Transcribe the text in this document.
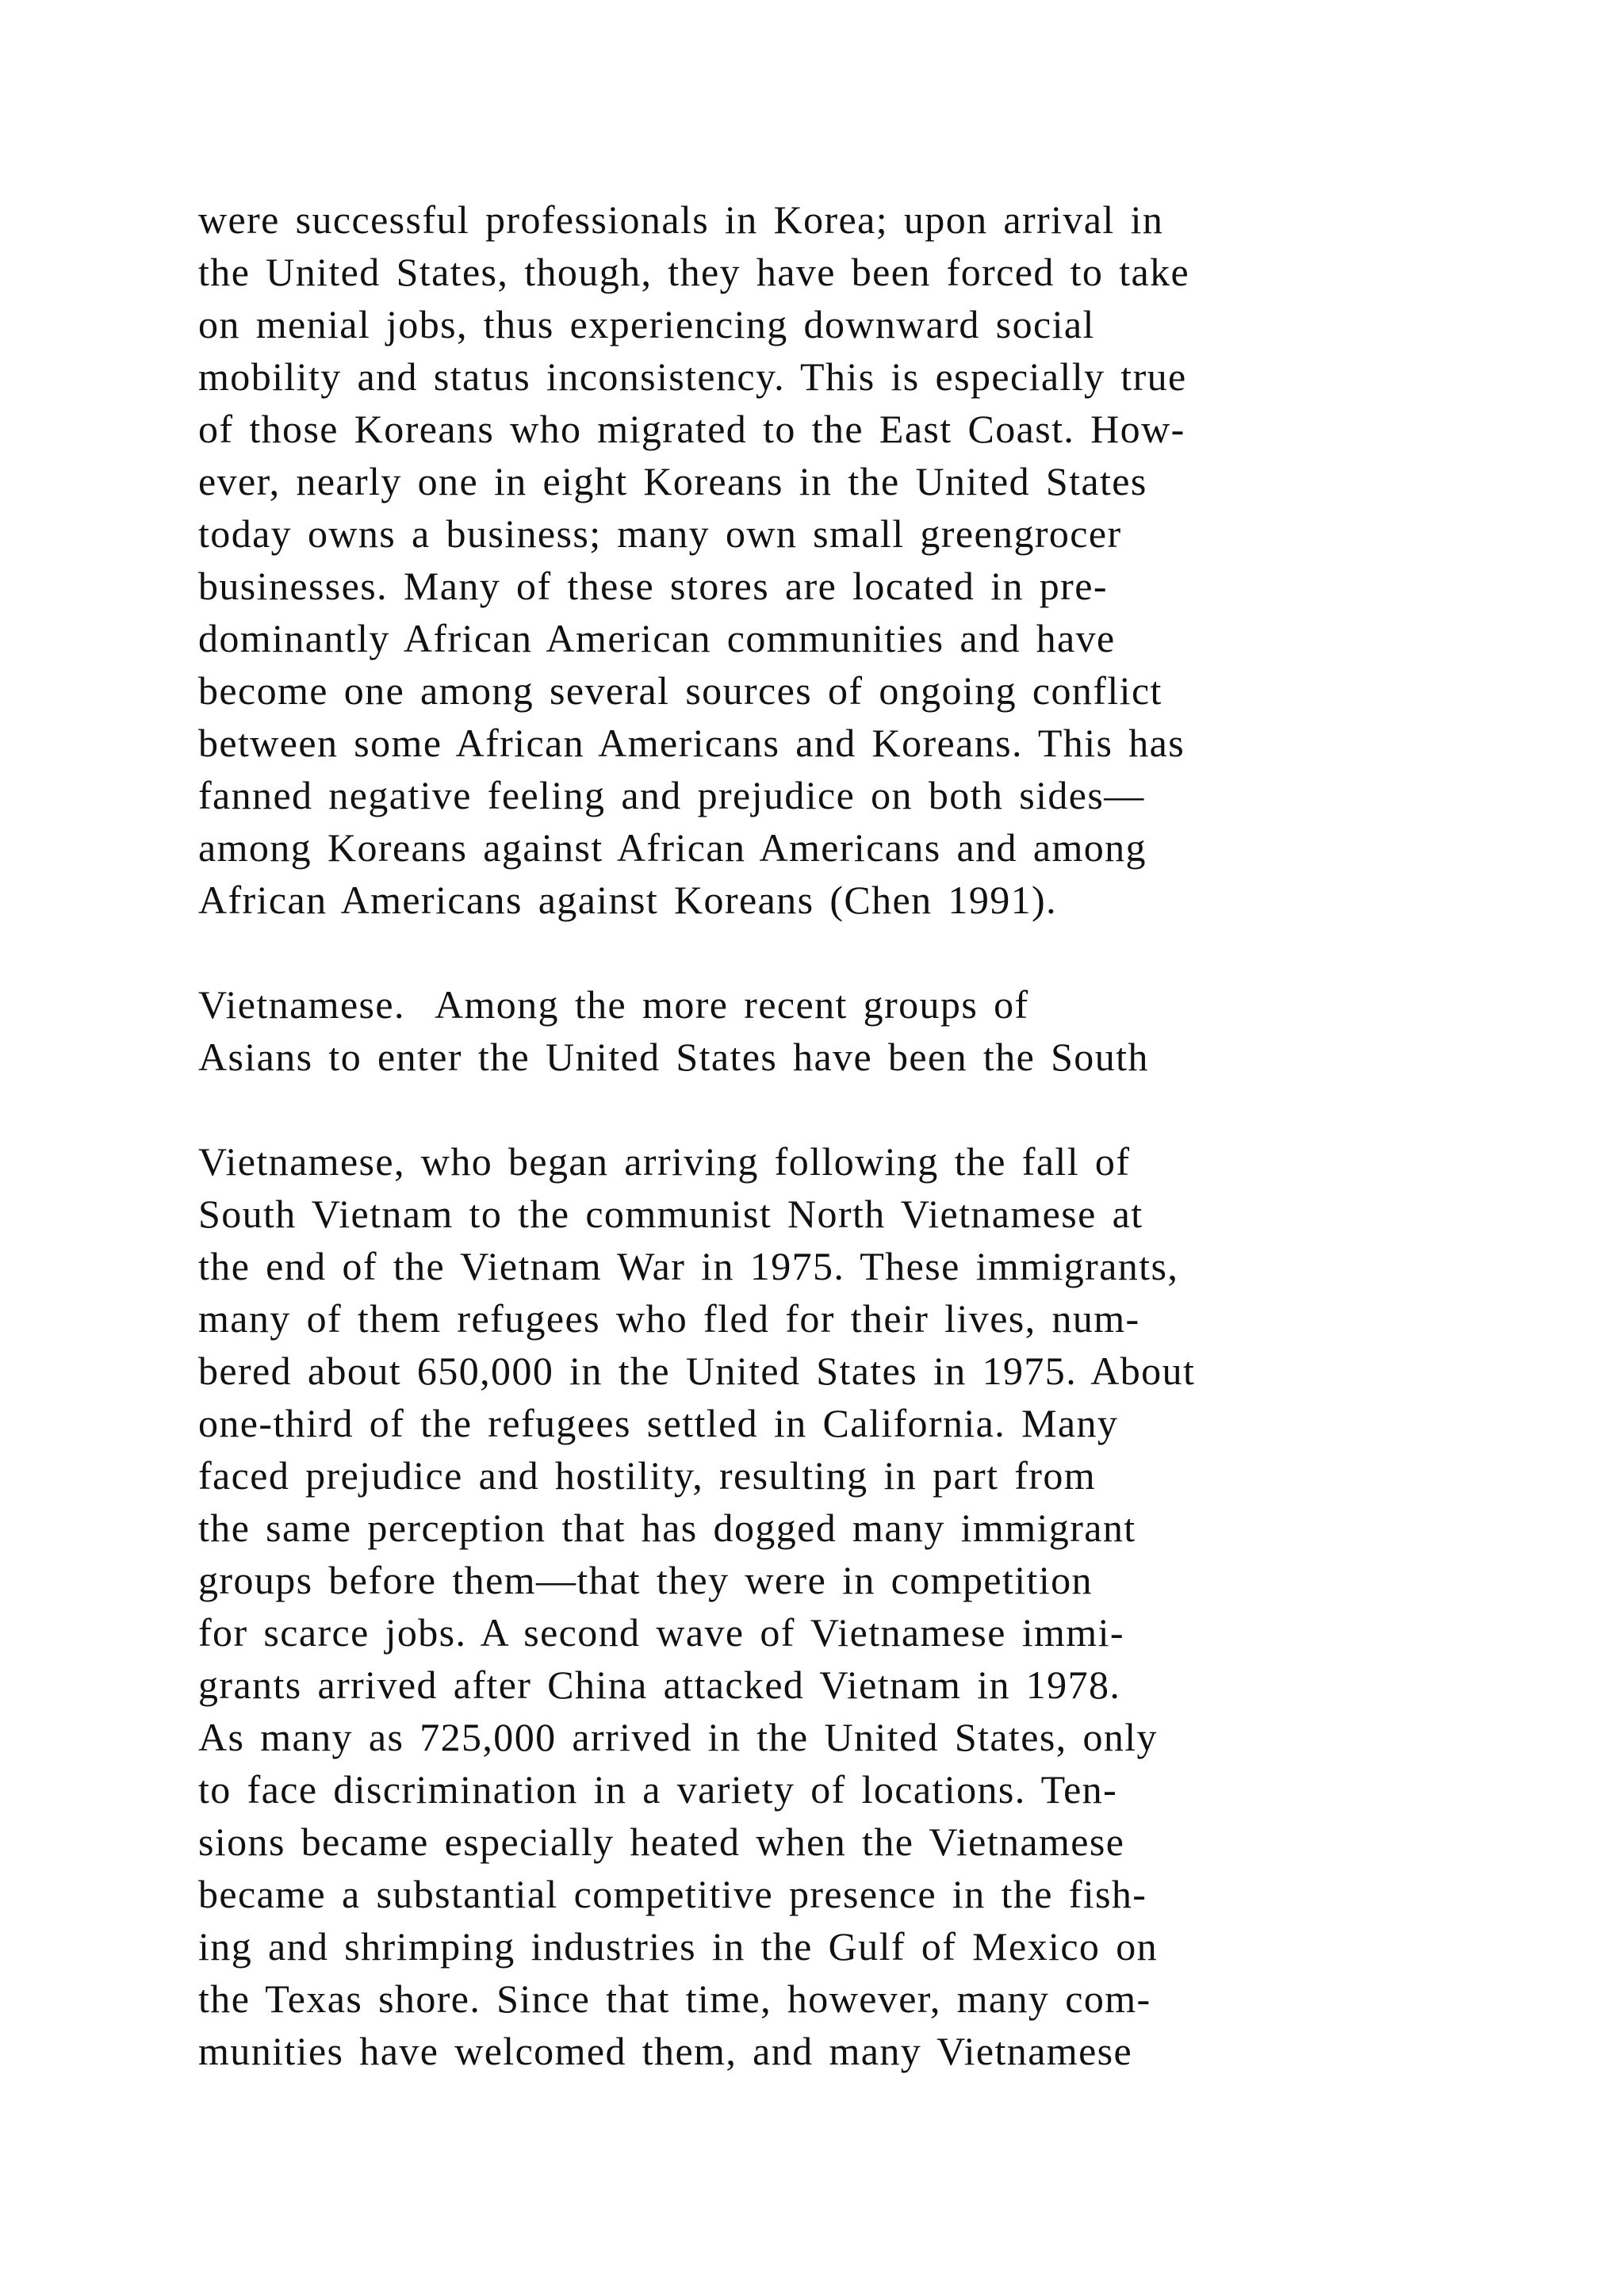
were successful professionals in Korea; upon arrival in
the United States, though, they have been forced to take
on menial jobs, thus experiencing downward social
mobility and status inconsistency. This is especially true
of those Koreans who migrated to the East Coast. How-
ever, nearly one in eight Koreans in the United States
today owns a business; many own small greengrocer
businesses. Many of these stores are located in pre-
dominantly African American communities and have
become one among several sources of ongoing conflict
between some African Americans and Koreans. This has
fanned negative feeling and prejudice on both sides—
among Koreans against African Americans and among
African Americans against Koreans (Chen 1991).

Vietnamese.  Among the more recent groups of
Asians to enter the United States have been the South

Vietnamese, who began arriving following the fall of
South Vietnam to the communist North Vietnamese at
the end of the Vietnam War in 1975. These immigrants,
many of them refugees who fled for their lives, num-
bered about 650,000 in the United States in 1975. About
one-third of the refugees settled in California. Many
faced prejudice and hostility, resulting in part from
the same perception that has dogged many immigrant
groups before them—that they were in competition
for scarce jobs. A second wave of Vietnamese immi-
grants arrived after China attacked Vietnam in 1978.
As many as 725,000 arrived in the United States, only
to face discrimination in a variety of locations. Ten-
sions became especially heated when the Vietnamese
became a substantial competitive presence in the fish-
ing and shrimping industries in the Gulf of Mexico on
the Texas shore. Since that time, however, many com-
munities have welcomed them, and many Vietnamese
